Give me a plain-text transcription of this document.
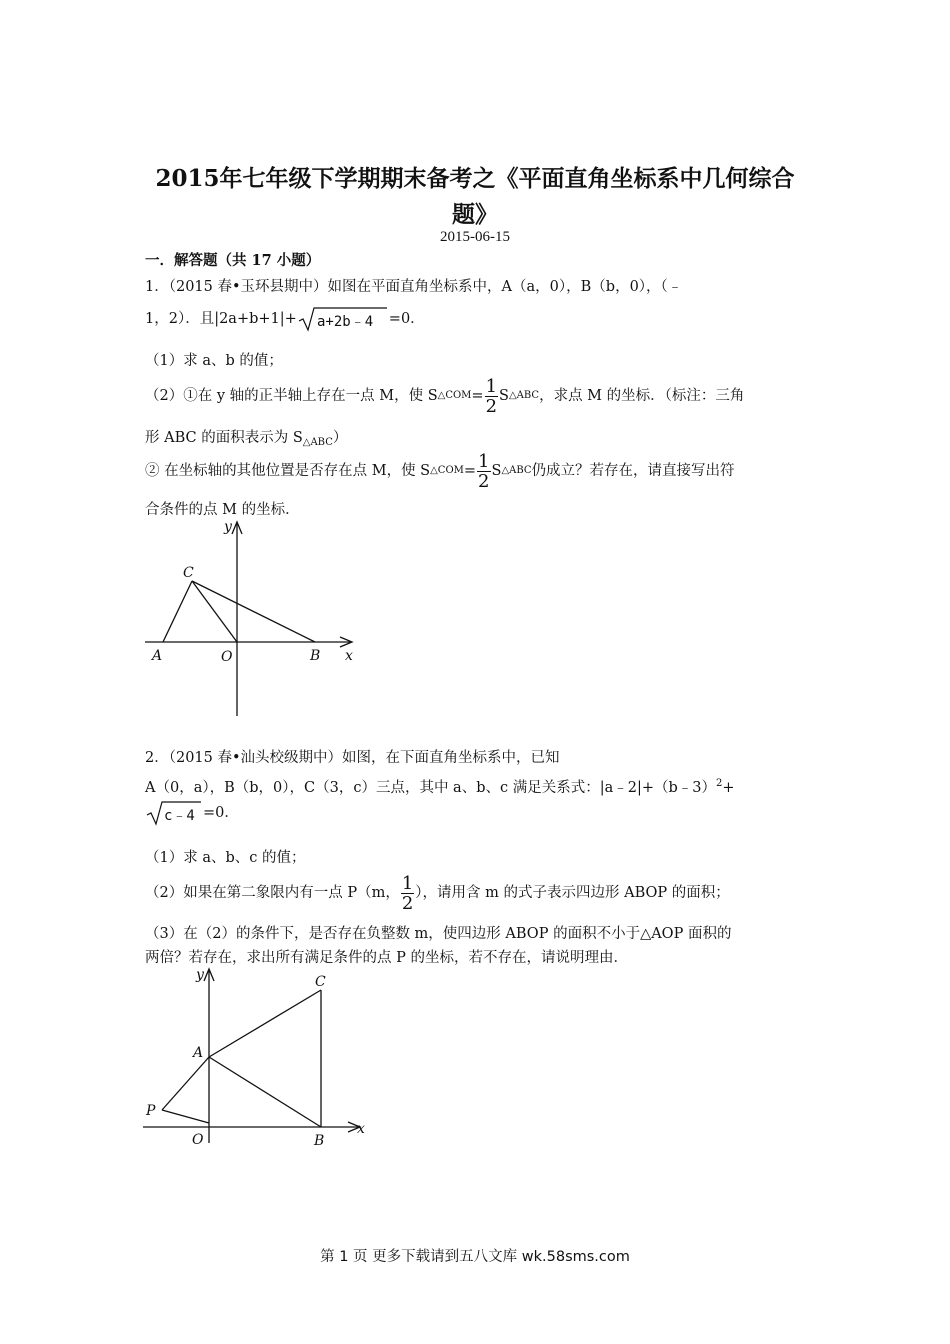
2015年七年级下学期期末备考之《平面直角坐标系中几何综合
题》
2015-06-15
一．解答题（共 17 小题）
1．（2015 春•玉环县期中）如图在平面直角坐标系中，A（a，0），B（b，0），（﹣
1，2）．且|2a+b+1|+ a+2b﹣4 =0．
（1）求 a、b 的值；
（2）①在 y 轴的正半轴上存在一点 M，使 S △COM = $\frac{1}{2}$ S △ABC ，求点 M 的坐标．（标注：三角
形 ABC 的面积表示为 $S_{\triangle ABC}$）
② 在坐标轴的其他位置是否存在点 M，使 S △COM = $\frac{1}{2}$ S △ABC 仍成立？若存在，请直接写出符
合条件的点 M 的坐标．
y
x
A	O	B
C
2．（2015 春•汕头校级期中）如图，在下面直角坐标系中，已知
A（0，a），B（b，0），C（3，c）三点，其中 a、b、c 满足关系式：|a﹣2|+（b﹣3）$^2$+
c﹣4 =0．
（1）求 a、b、c 的值；
（2）如果在第二象限内有一点 P（m， $\frac{1}{2}$ ），请用含 m 的式子表示四边形 ABOP 的面积；
（3）在（2）的条件下，是否存在负整数 m，使四边形 ABOP 的面积不小于△AOP 面积的
两倍？若存在，求出所有满足条件的点 P 的坐标，若不存在，请说明理由．
y
x
A
O	B
C
P
第 1 页 更多下载请到五八文库 wk.58sms.com
